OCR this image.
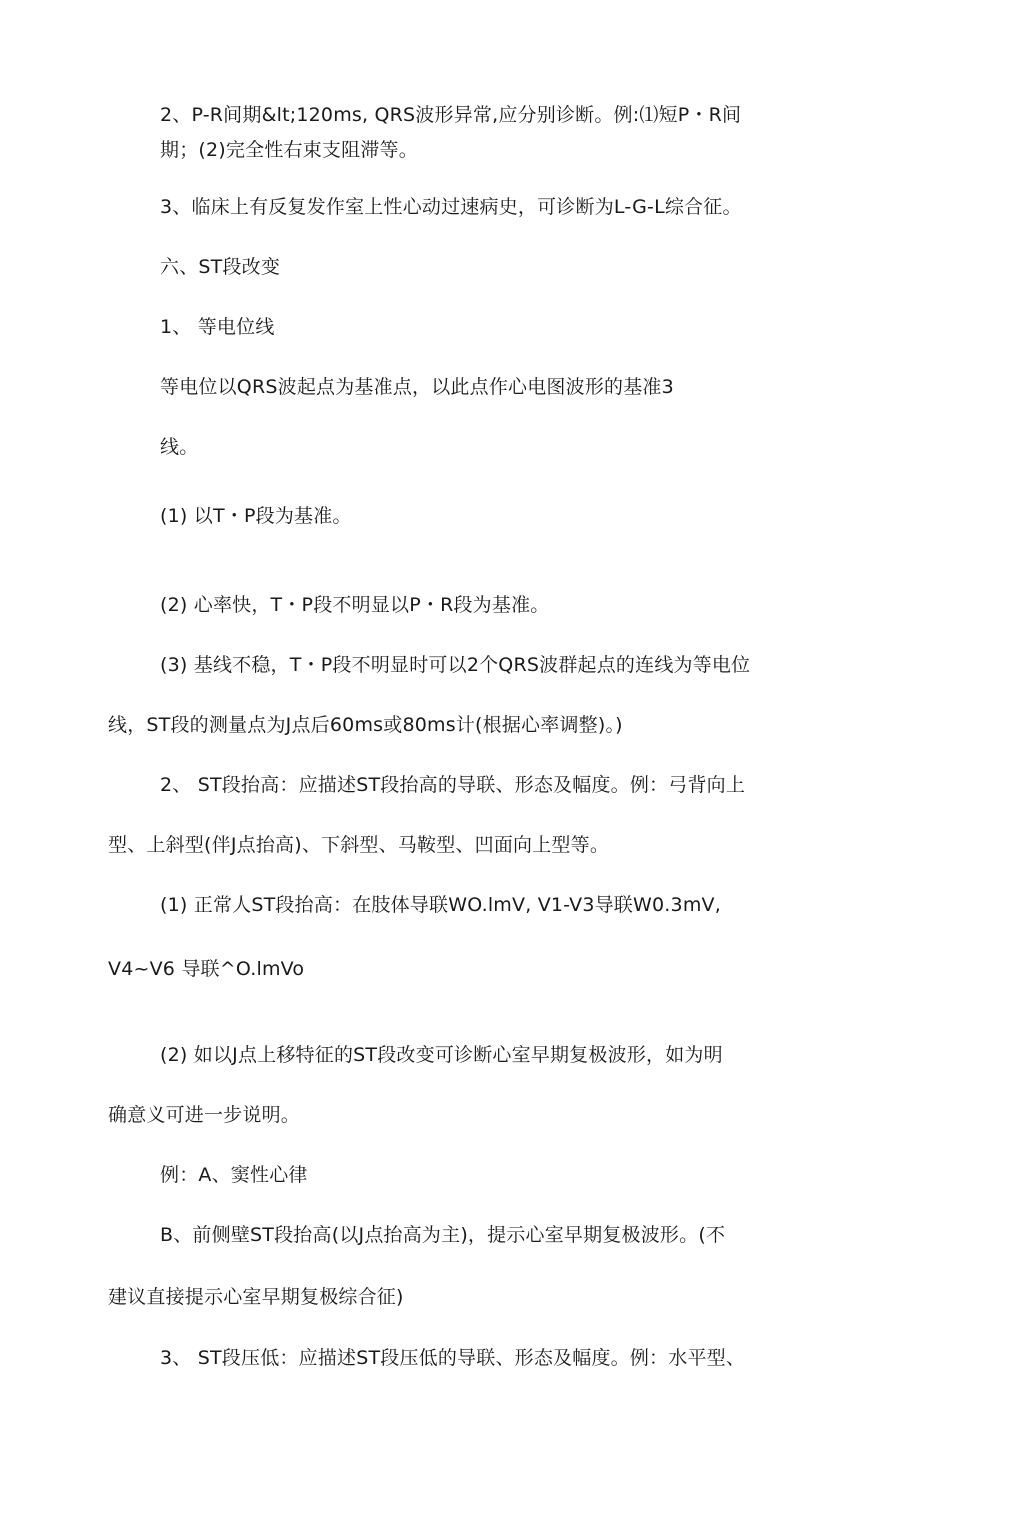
2、P-R间期&lt;120ms, QRS波形异常,应分别诊断。例:⑴短P・R间
期；(2)完全性右束支阻滞等。
3、临床上有反复发作室上性心动过速病史，可诊断为L-G-L综合征。
六、ST段改变
1、 等电位线
等电位以QRS波起点为基准点，以此点作心电图波形的基准3
线。
(1) 以T・P段为基准。
(2) 心率快，T・P段不明显以P・R段为基准。
(3) 基线不稳，T・P段不明显时可以2个QRS波群起点的连线为等电位
线，ST段的测量点为J点后60ms或80ms计(根据心率调整)。)
2、 ST段抬高：应描述ST段抬高的导联、形态及幅度。例：弓背向上
型、上斜型(伴J点抬高)、下斜型、马鞍型、凹面向上型等。
(1) 正常人ST段抬高：在肢体导联WO.lmV, V1-V3导联W0.3mV,
V4~V6 导联^O.lmVo
(2) 如以J点上移特征的ST段改变可诊断心室早期复极波形，如为明
确意义可进一步说明。
例：A、窦性心律
B、前侧壁ST段抬高(以J点抬高为主)，提示心室早期复极波形。(不
建议直接提示心室早期复极综合征)
3、 ST段压低：应描述ST段压低的导联、形态及幅度。例：水平型、
